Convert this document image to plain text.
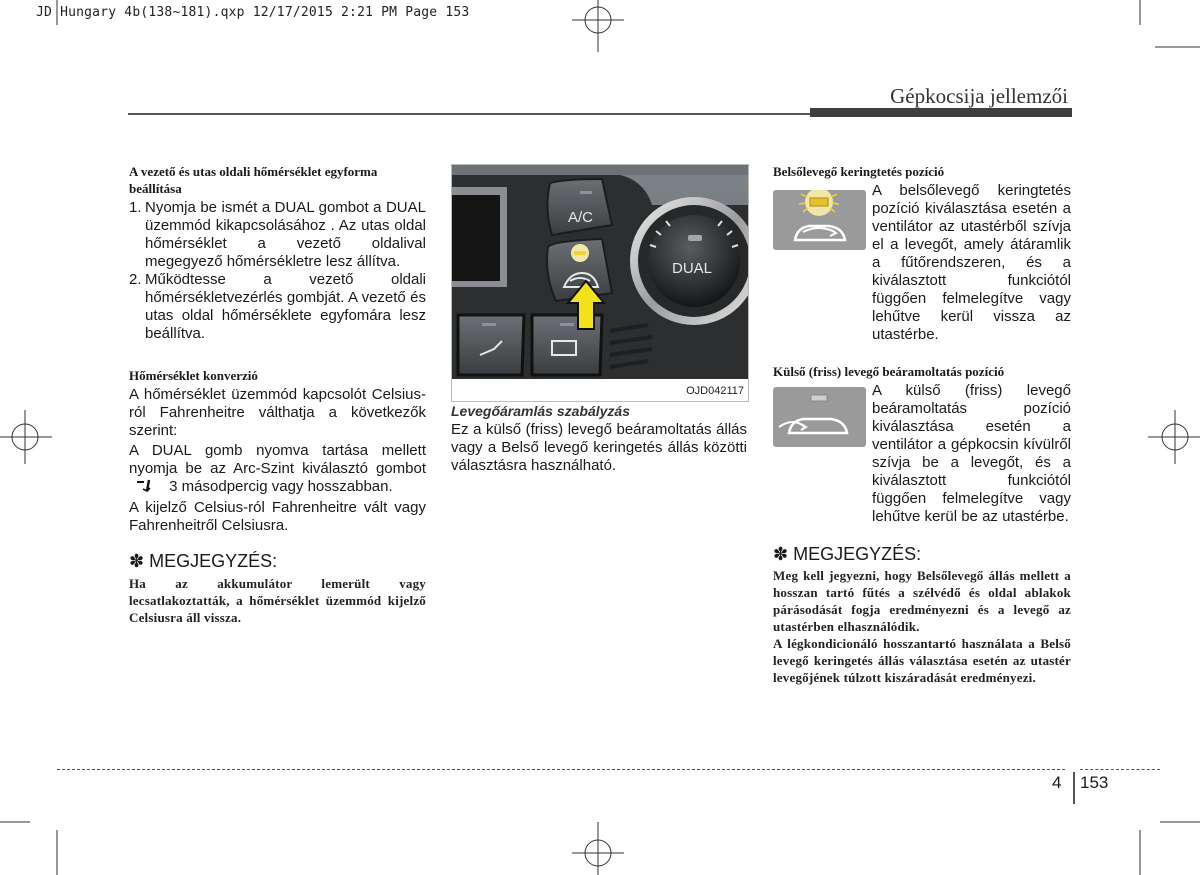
JD Hungary 4b(138~181).qxp 12/17/2015 2:21 PM Page 153
Gépkocsija jellemzői

A vezető és utas oldali hőmérséklet egyforma beállítása

1. Nyomja be ismét a DUAL gombot a DUAL üzemmód kikapcsolásához . Az utas oldal hőmérséklet a vezető oldalival megegyező hőmérsékletre lesz állítva.
2. Működtesse a vezető oldali hőmérsékletvezérlés gombját. A vezető és utas oldal hőmérséklete egyfomára lesz beállítva.

Hőmérséklet konverzió

A hőmérséklet üzemmód kapcsolót Celsius-ról Fahrenheitre válthatja a következők szerint:

A DUAL gomb nyomva tartása mellett nyomja be az Arc-Szint kiválasztó gombot  3 másodpercig vagy hosszabban.

A kijelző Celsius-ról Fahrenheitre vált vagy Fahrenheitről Celsiusra.

✽ MEGJEGYZÉS:

Ha az akkumulátor lemerült vagy lecsatlakoztatták, a hőmérséklet üzemmód kijelző Celsiusra áll vissza.

A/C
DUAL
OJD042117
Levegőáramlás szabályzás

Ez a külső (friss) levegő beáramoltatás állás vagy a Belső levegő keringetés állás közötti választásra használható.

Belsőlevegő keringtetés pozíció

A belsőlevegő keringtetés pozíció kiválasztása esetén a ventilátor az utastérből szívja el a levegőt, amely átáramlik a fűtőrendszeren, és a kiválasztott funkciótól függően felmelegítve vagy lehűtve kerül vissza az utastérbe.

Külső (friss) levegő beáramoltatás pozíció

A külső (friss) levegő beáramoltatás pozíció kiválasztása esetén a ventilátor a gépkocsin kívülről szívja be a levegőt, és a kiválasztott funkciótól függően felmelegítve vagy lehűtve kerül be az utastérbe.

✽ MEGJEGYZÉS:

Meg kell jegyezni, hogy Belsőlevegő állás mellett a hosszan tartó fűtés a szélvédő és oldal ablakok párásodását fogja eredményezni és a levegő az utastérben elhasználódik.

A légkondicionáló hosszantartó használata a Belső levegő keringetés állás választása esetén az utastér levegőjének túlzott kiszáradását eredményezi.

4 153
